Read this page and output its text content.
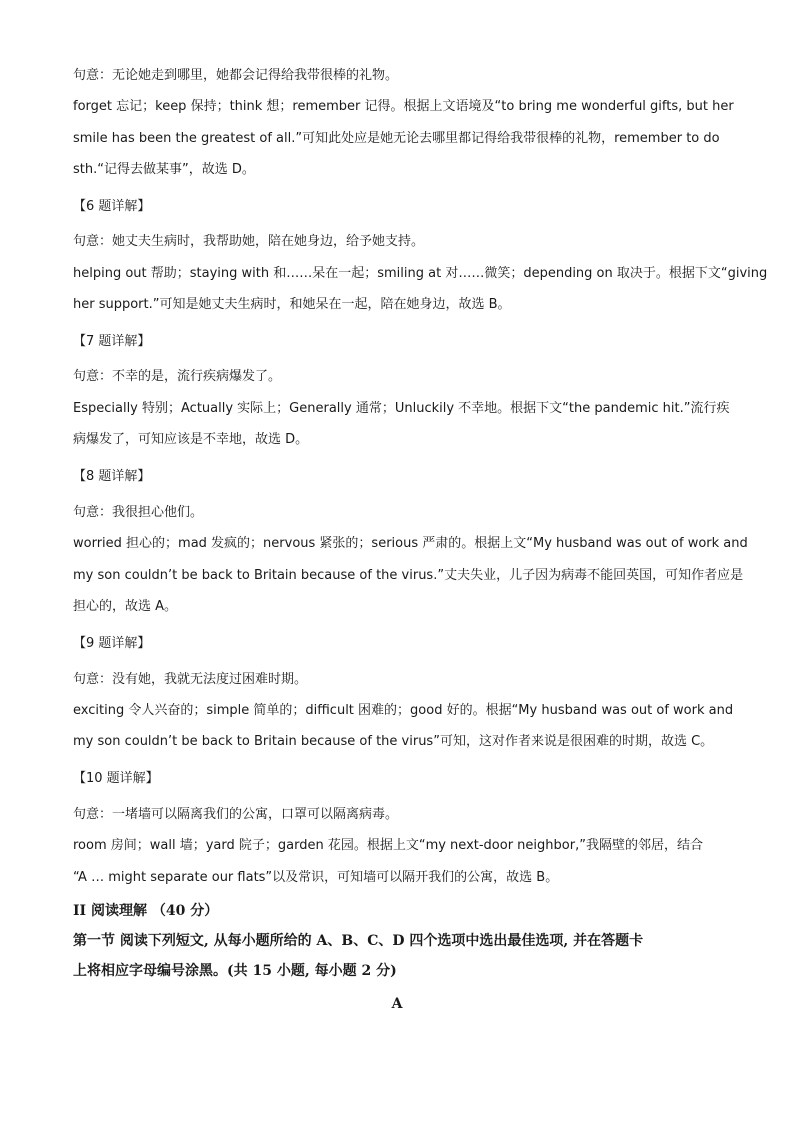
句意：无论她走到哪里，她都会记得给我带很棒的礼物。
forget 忘记；keep 保持；think 想；remember 记得。根据上文语境及“to bring me wonderful gifts, but her
smile has been the greatest of all.”可知此处应是她无论去哪里都记得给我带很棒的礼物，remember to do
sth.“记得去做某事”，故选 D。
【6 题详解】
句意：她丈夫生病时，我帮助她，陪在她身边，给予她支持。
helping out 帮助；staying with 和……呆在一起；smiling at 对……微笑；depending on 取决于。根据下文“giving
her support.”可知是她丈夫生病时，和她呆在一起，陪在她身边，故选 B。
【7 题详解】
句意：不幸的是，流行疾病爆发了。
Especially 特别；Actually 实际上；Generally 通常；Unluckily 不幸地。根据下文“the pandemic hit.”流行疾
病爆发了，可知应该是不幸地，故选 D。
【8 题详解】
句意：我很担心他们。
worried 担心的；mad 发疯的；nervous 紧张的；serious 严肃的。根据上文“My husband was out of work and
my son couldn’t be back to Britain because of the virus.”丈夫失业，儿子因为病毒不能回英国，可知作者应是
担心的，故选 A。
【9 题详解】
句意：没有她，我就无法度过困难时期。
exciting 令人兴奋的；simple 简单的；difficult 困难的；good 好的。根据“My husband was out of work and
my son couldn’t be back to Britain because of the virus”可知，这对作者来说是很困难的时期，故选 C。
【10 题详解】
句意：一堵墙可以隔离我们的公寓，口罩可以隔离病毒。
room 房间；wall 墙；yard 院子；garden 花园。根据上文“my next-door neighbor,”我隔壁的邻居，结合
“A … might separate our flats”以及常识，可知墙可以隔开我们的公寓，故选 B。
II 阅读理解 （40 分）
第一节 阅读下列短文, 从每小题所给的 A、B、C、D 四个选项中选出最佳选项, 并在答题卡
上将相应字母编号涂黑。(共 15 小题, 每小题 2 分)
A
